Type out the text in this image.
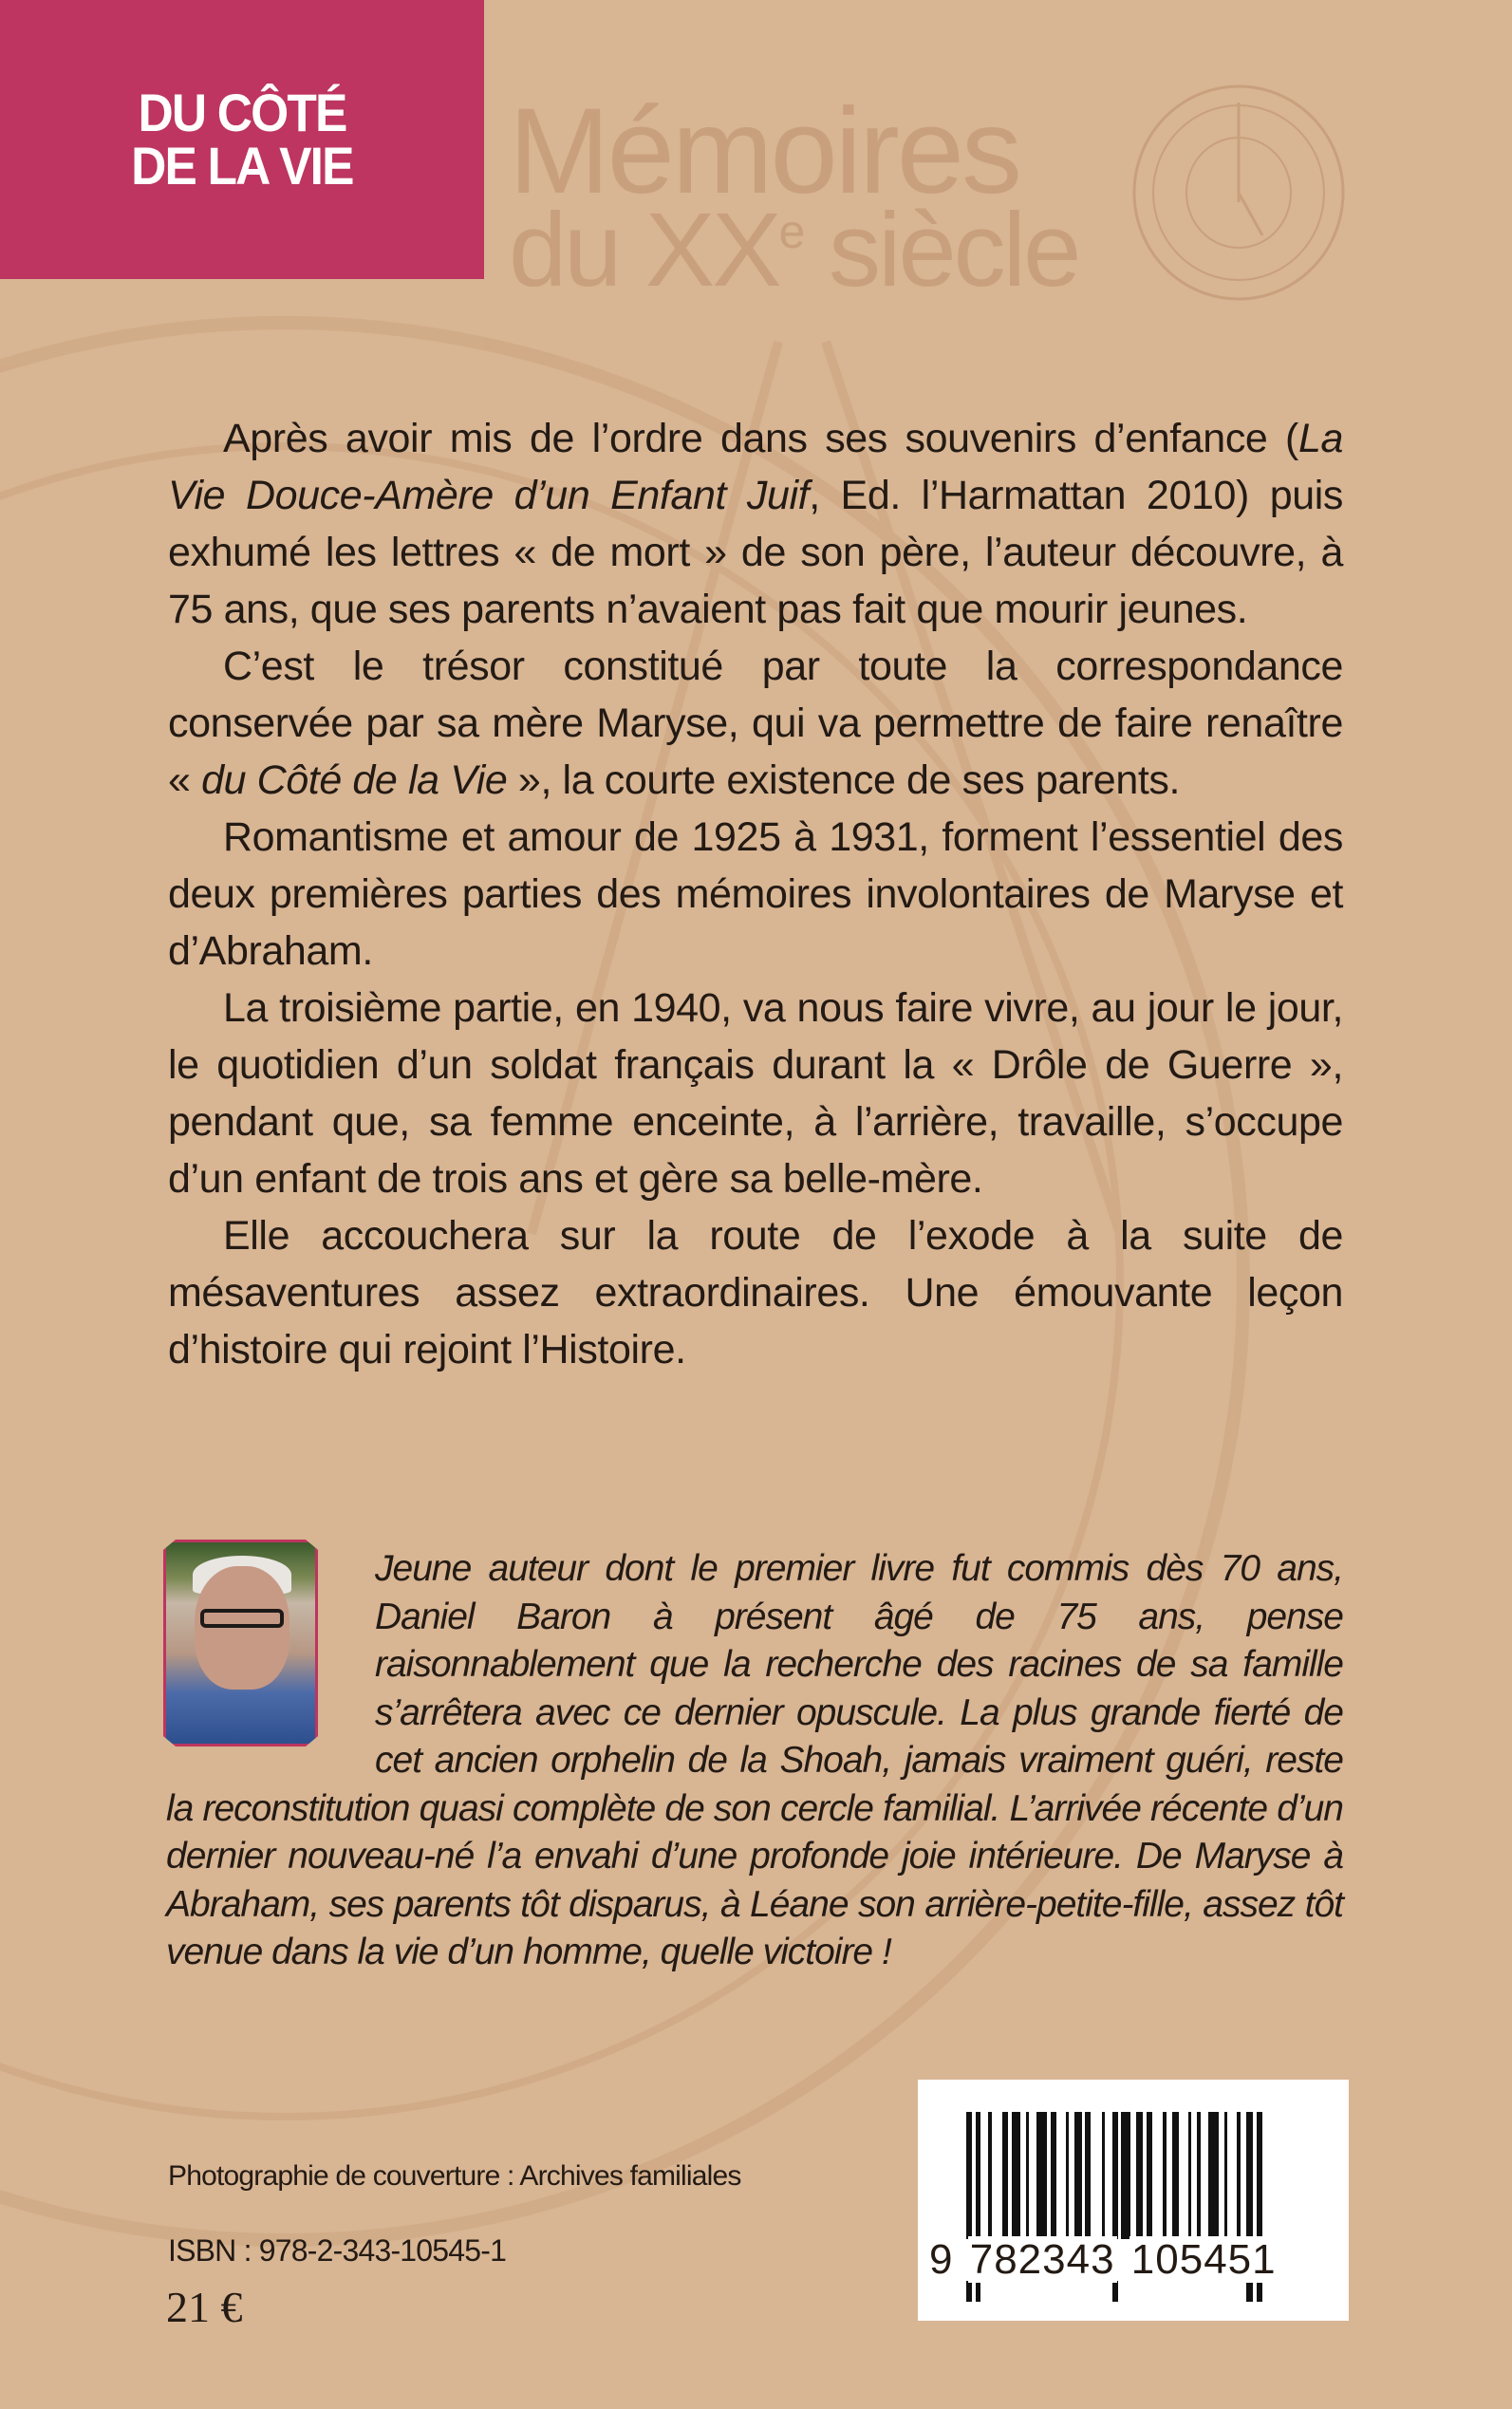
DU CÔTÉ
DE LA VIE Mémoires
du XXe siècle

Après avoir mis de l’ordre dans ses souvenirs d’enfance (La Vie Douce-Amère d’un Enfant Juif, Ed. l’Harmattan 2010) puis exhumé les lettres « de mort » de son père, l’auteur découvre, à 75 ans, que ses parents n’avaient pas fait que mourir jeunes.

C’est le trésor constitué par toute la correspondance conservée par sa mère Maryse, qui va permettre de faire renaître « du Côté de la Vie », la courte existence de ses parents.

Romantisme et amour de 1925 à 1931, forment l’essentiel des deux premières parties des mémoires involontaires de Maryse et d’Abraham.

La troisième partie, en 1940, va nous faire vivre, au jour le jour, le quotidien d’un soldat français durant la « Drôle de Guerre », pendant que, sa femme enceinte, à l’arrière, travaille, s’occupe d’un enfant de trois ans et gère sa belle-mère.

Elle accouchera sur la route de l’exode à la suite de mésaventures assez extraordinaires. Une émouvante leçon d’histoire qui rejoint l’Histoire.

Jeune auteur dont le premier livre fut commis dès 70 ans, Daniel Baron à présent âgé de 75 ans, pense raisonnablement que la recherche des racines de sa famille s’arrêtera avec ce dernier opuscule. La plus grande fierté de cet ancien orphelin de la Shoah, jamais vraiment guéri, reste la reconstitution quasi complète de son cercle familial. L’arrivée récente d’un dernier nouveau-né l’a envahi d’une profonde joie intérieure. De Maryse à Abraham, ses parents tôt disparus, à Léane son arrière-petite-fille, assez tôt venue dans la vie d’un homme, quelle victoire !
Photographie de couverture : Archives familiales
ISBN : 978-2-343-10545-1
21 €
9 782343 105451
